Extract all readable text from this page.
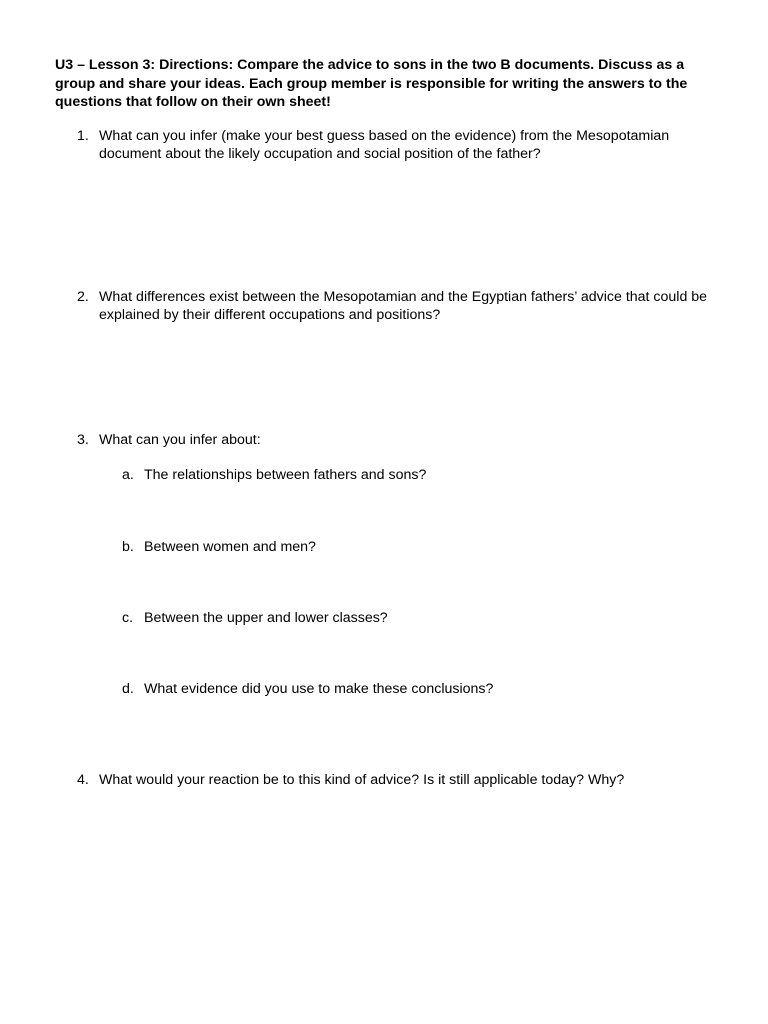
U3 – Lesson 3: Directions: Compare the advice to sons in the two B documents. Discuss as a group and share your ideas. Each group member is responsible for writing the answers to the questions that follow on their own sheet!
1. What can you infer (make your best guess based on the evidence) from the Mesopotamian document about the likely occupation and social position of the father?
2. What differences exist between the Mesopotamian and the Egyptian fathers’ advice that could be explained by their different occupations and positions?
3. What can you infer about:
a. The relationships between fathers and sons?
b. Between women and men?
c. Between the upper and lower classes?
d. What evidence did you use to make these conclusions?
4. What would your reaction be to this kind of advice? Is it still applicable today? Why?
